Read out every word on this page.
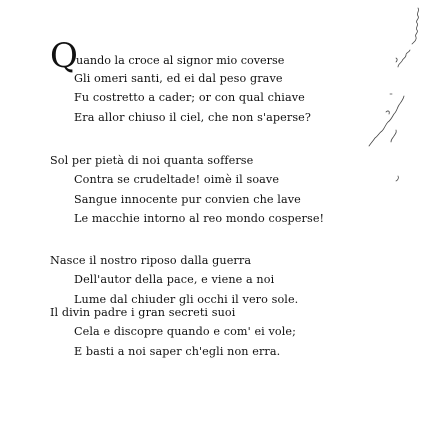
Q
uando la croce al signor mio coverse
Gli omeri santi, ed ei dal peso grave
Fu costretto a cader; or con qual chiave
Era allor chiuso il ciel, che non s'aperse?
Sol per pietà di noi quanta sofferse
Contra se crudeltade! oimè il soave
Sangue innocente pur convien che lave
Le macchie intorno al reo mondo cosperse!
Nasce il nostro riposo dalla guerra
Dell'autor della pace, e viene a noi
Lume dal chiuder gli occhi il vero sole.
Il divin padre i gran secreti suoi
Cela e discopre quando e com' ei vole;
E basti a noi saper ch'egli non erra.
